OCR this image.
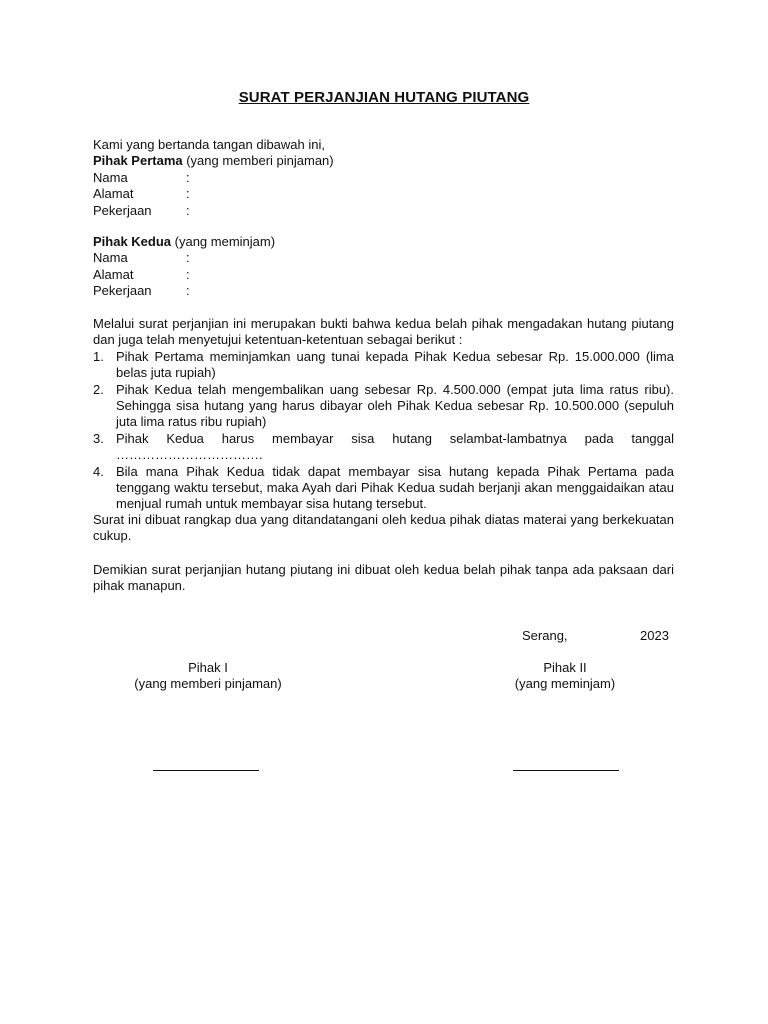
SURAT PERJANJIAN HUTANG PIUTANG
Kami yang bertanda tangan dibawah ini,
Pihak Pertama (yang memberi pinjaman)
Nama	:
Alamat	:
Pekerjaan	:
Pihak Kedua (yang meminjam)
Nama	:
Alamat	:
Pekerjaan	:
Melalui surat perjanjian ini merupakan bukti bahwa kedua belah pihak mengadakan hutang piutang dan juga telah menyetujui ketentuan-ketentuan sebagai berikut :
1. Pihak Pertama meminjamkan uang tunai kepada Pihak Kedua sebesar Rp. 15.000.000 (lima belas juta rupiah)
2. Pihak Kedua telah mengembalikan uang sebesar Rp. 4.500.000 (empat juta lima ratus ribu). Sehingga sisa hutang yang harus dibayar oleh Pihak Kedua sebesar Rp. 10.500.000 (sepuluh juta lima ratus ribu rupiah)
3. Pihak Kedua harus membayar sisa hutang selambat-lambatnya pada tanggal …………………………….
4. Bila mana Pihak Kedua tidak dapat membayar sisa hutang kepada Pihak Pertama pada tenggang waktu tersebut, maka Ayah dari Pihak Kedua sudah berjanji akan menggaidaikan atau menjual rumah untuk membayar sisa hutang tersebut.
Surat ini dibuat rangkap dua yang ditandatangani oleh kedua pihak diatas materai yang berkekuatan cukup.
Demikian surat perjanjian hutang piutang ini dibuat oleh kedua belah pihak tanpa ada paksaan dari pihak manapun.
Serang,	2023
Pihak I
(yang memberi pinjaman)
Pihak II
(yang meminjam)
